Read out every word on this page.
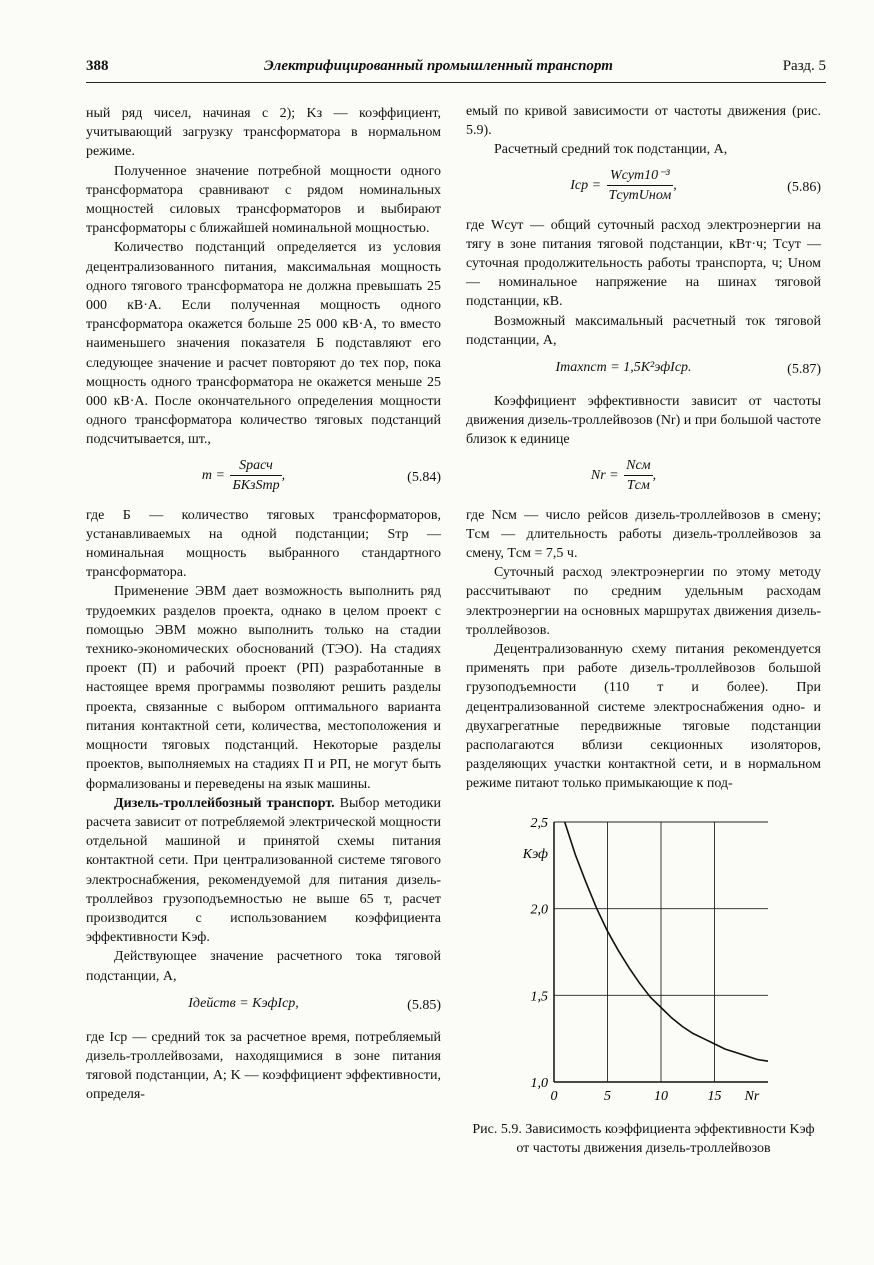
388	Электрифицированный промышленный транспорт	Разд. 5

ный ряд чисел, начиная с 2); Kз — коэффициент, учитывающий загрузку трансформатора в нормальном режиме.

Полученное значение потребной мощности одного трансформатора сравнивают с рядом номинальных мощностей силовых трансформаторов и выбирают трансформаторы с ближайшей номинальной мощностью.

Количество подстанций определяется из условия децентрализованного питания, максимальная мощность одного тягового трансформатора не должна превышать 25 000 кВ·А. Если полученная мощность одного трансформатора окажется больше 25 000 кВ·А, то вместо наименьшего значения показателя Б подставляют его следующее значение и расчет повторяют до тех пор, пока мощность одного трансформатора не окажется меньше 25 000 кВ·А. После окончательного определения мощности одного трансформатора количество тяговых подстанций подсчитывается, шт.,

$m = \frac{\text{Sрасч}}{\text{БKзSтр}}$ ,	(5.84)

где Б — количество тяговых трансформаторов, устанавливаемых на одной подстанции; Sтр — номинальная мощность выбранного стандартного трансформатора.

Применение ЭВМ дает возможность выполнить ряд трудоемких разделов проекта, однако в целом проект с помощью ЭВМ можно выполнить только на стадии технико-экономических обоснований (ТЭО). На стадиях проект (П) и рабочий проект (РП) разработанные в настоящее время программы позволяют решить разделы проекта, связанные с выбором оптимального варианта питания контактной сети, количества, местоположения и мощности тяговых подстанций. Некоторые разделы проектов, выполняемых на стадиях П и РП, не могут быть формализованы и переведены на язык машины.

Дизель-троллейбозный транспорт. Выбор методики расчета зависит от потребляемой электрической мощности отдельной машиной и принятой схемы питания контактной сети. При централизованной системе тягового электроснабжения, рекомендуемой для питания дизель-троллейвоз грузоподъемностью не выше 65 т, расчет производится с использованием коэффициента эффективности Kэф.

Действующее значение расчетного тока тяговой подстанции, А,

Iдейств = KэфIср,	(5.85)

где Iср — средний ток за расчетное время, потребляемый дизель-троллейвозами, находящимися в зоне питания тяговой подстанции, А; K — коэффициент эффективности, определя-

емый по кривой зависимости от частоты движения (рис. 5.9).

Расчетный средний ток подстанции, А,

Iср = $\frac{\text{Wсут10⁻³}}{\text{TсутUном}}$ ,	(5.86)

где Wсут — общий суточный расход электроэнергии на тягу в зоне питания тяговой подстанции, кВт·ч; Tсут — суточная продолжительность работы транспорта, ч; Uном — номинальное напряжение на шинах тяговой подстанции, кВ.

Возможный максимальный расчетный ток тяговой подстанции, А,

Imaxпст = 1,5K²эфIср.	(5.87)

Коэффициент эффективности зависит от частоты движения дизель-троллейвозов (Nr) и при большой частоте близок к единице

$Nr = \frac{\text{Nсм}}{\text{Tсм}}$ ,

где Nсм — число рейсов дизель-троллейвозов в смену; Tсм — длительность работы дизель-троллейвозов за смену, Tсм = 7,5 ч.

Суточный расход электроэнергии по этому методу рассчитывают по средним удельным расходам электроэнергии на основных маршрутах движения дизель-троллейвозов.

Децентрализованную схему питания рекомендуется применять при работе дизель-троллейвозов большой грузоподъемности (110 т и более). При децентрализованной системе электроснабжения одно- и двухагрегатные передвижные тяговые подстанции располагаются вблизи секционных изоляторов, разделяющих участки контактной сети, и в нормальном режиме питают только примыкающие к под-

0	5	10	15
1,0
1,5
2,0
2,5
Kэф
Nr
Рис. 5.9. Зависимость коэффициента эффективности Kэф от частоты движения дизель-троллейвозов
